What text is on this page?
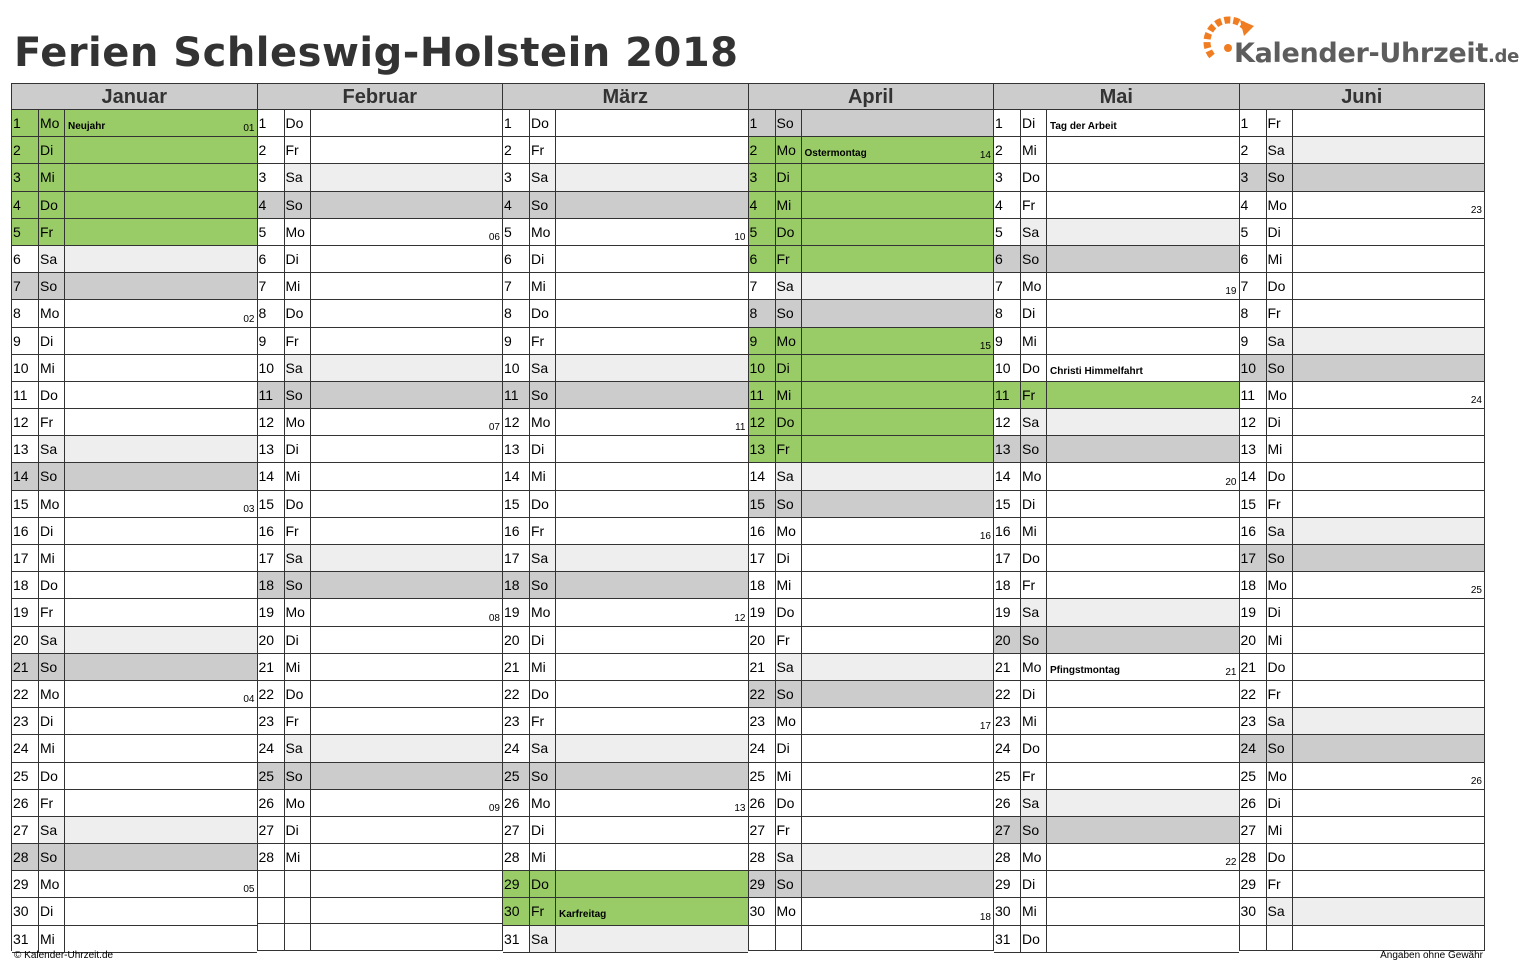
Ferien Schleswig-Holstein 2018	Kalender-Uhrzeit.de
Januar
1	Mo Neujahr	01
2	Di
3	Mi
4	Do
5	Fr
6	Sa
7	So
8	Mo	02
9	Di
10 Mi
11 Do
12 Fr
13 Sa
14 So
15 Mo	03
16 Di
17 Mi
18 Do
19 Fr
20 Sa
21 So
22 Mo	04
23 Di
24 Mi
25 Do
26 Fr
27 Sa
28 So
29 Mo	05
30 Di
31 Mi
Februar
1	Do
2	Fr
3	Sa
4	So
5	Mo	06
6	Di
7	Mi
8	Do
9	Fr
10 Sa
11 So
12 Mo	07
13 Di
14 Mi
15 Do
16 Fr
17 Sa
18 So
19 Mo	08
20 Di
21 Mi
22 Do
23 Fr
24 Sa
25 So
26 Mo	09
27 Di
28 Mi
März
1	Do
2	Fr
3	Sa
4	So
5	Mo	10
6	Di
7	Mi
8	Do
9	Fr
10 Sa
11 So
12 Mo	11
13 Di
14 Mi
15 Do
16 Fr
17 Sa
18 So
19 Mo	12
20 Di
21 Mi
22 Do
23 Fr
24 Sa
25 So
26 Mo	13
27 Di
28 Mi
29 Do
30 Fr	Karfreitag
31 Sa
April
1	So
2	Mo Ostermontag	14
3	Di
4	Mi
5	Do
6	Fr
7	Sa
8	So
9	Mo	15
10 Di
11 Mi
12 Do
13 Fr
14 Sa
15 So
16 Mo	16
17 Di
18 Mi
19 Do
20 Fr
21 Sa
22 So
23 Mo	17
24 Di
25 Mi
26 Do
27 Fr
28 Sa
29 So
30 Mo	18
Mai
1	Di	Tag der Arbeit
2	Mi
3	Do
4	Fr
5	Sa
6	So
7	Mo	19
8	Di
9	Mi
10 Do	Christi Himmelfahrt
11 Fr
12 Sa
13 So
14 Mo	20
15 Di
16 Mi
17 Do
18 Fr
19 Sa
20 So
21 Mo Pfingstmontag	21
22 Di
23 Mi
24 Do
25 Fr
26 Sa
27 So
28 Mo	22
29 Di
30 Mi
31 Do
Juni
1	Fr
2	Sa
3	So
4	Mo	23
5	Di
6	Mi
7	Do
8	Fr
9	Sa
10 So
11 Mo	24
12 Di
13 Mi
14 Do
15 Fr
16 Sa
17 So
18 Mo	25
19 Di
20 Mi
21 Do
22 Fr
23 Sa
24 So
25 Mo	26
26 Di
27 Mi
28 Do
29 Fr
30 Sa
© Kalender-Uhrzeit.de	Angaben ohne Gewähr
